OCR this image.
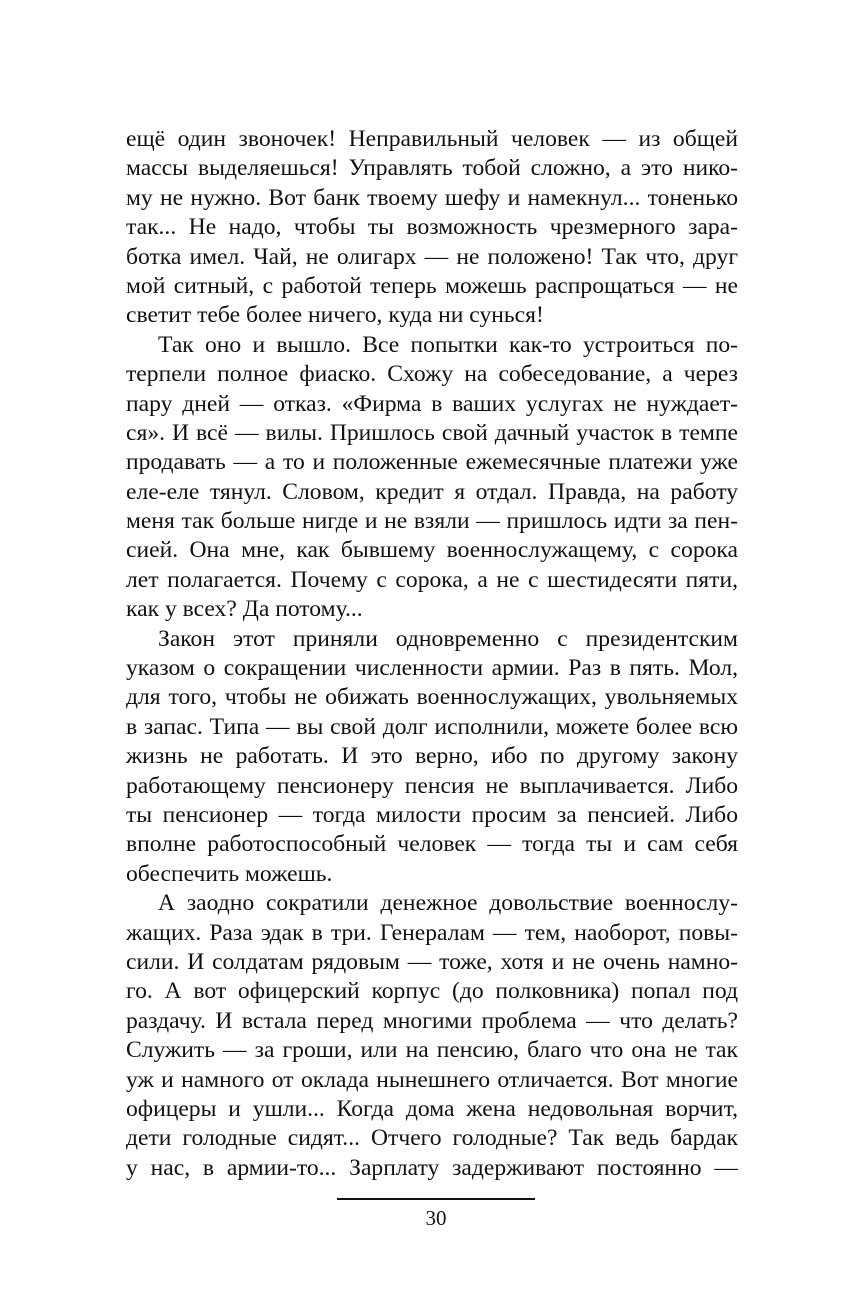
ещё один звоночек! Неправильный человек — из общей
массы выделяешься! Управлять тобой сложно, а это нико-
му не нужно. Вот банк твоему шефу и намекнул... тоненько
так... Не надо, чтобы ты возможность чрезмерного зара-
ботка имел. Чай, не олигарх — не положено! Так что, друг
мой ситный, с работой теперь можешь распрощаться — не
светит тебе более ничего, куда ни сунься!
Так оно и вышло. Все попытки как-то устроиться по-
терпели полное фиаско. Схожу на собеседование, а через
пару дней — отказ. «Фирма в ваших услугах не нуждает-
ся». И всё — вилы. Пришлось свой дачный участок в темпе
продавать — а то и положенные ежемесячные платежи уже
еле-еле тянул. Словом, кредит я отдал. Правда, на работу
меня так больше нигде и не взяли — пришлось идти за пен-
сией. Она мне, как бывшему военнослужащему, с сорока
лет полагается. Почему с сорока, а не с шестидесяти пяти,
как у всех? Да потому...
Закон этот приняли одновременно с президентским
указом о сокращении численности армии. Раз в пять. Мол,
для того, чтобы не обижать военнослужащих, увольняемых
в запас. Типа — вы свой долг исполнили, можете более всю
жизнь не работать. И это верно, ибо по другому закону
работающему пенсионеру пенсия не выплачивается. Либо
ты пенсионер — тогда милости просим за пенсией. Либо
вполне работоспособный человек — тогда ты и сам себя
обеспечить можешь.
А заодно сократили денежное довольствие военнослу-
жащих. Раза эдак в три. Генералам — тем, наоборот, повы-
сили. И солдатам рядовым — тоже, хотя и не очень намно-
го. А вот офицерский корпус (до полковника) попал под
раздачу. И встала перед многими проблема — что делать?
Служить — за гроши, или на пенсию, благо что она не так
уж и намного от оклада нынешнего отличается. Вот многие
офицеры и ушли... Когда дома жена недовольная ворчит,
дети голодные сидят... Отчего голодные? Так ведь бардак
у нас, в армии-то... Зарплату задерживают постоянно —
30
